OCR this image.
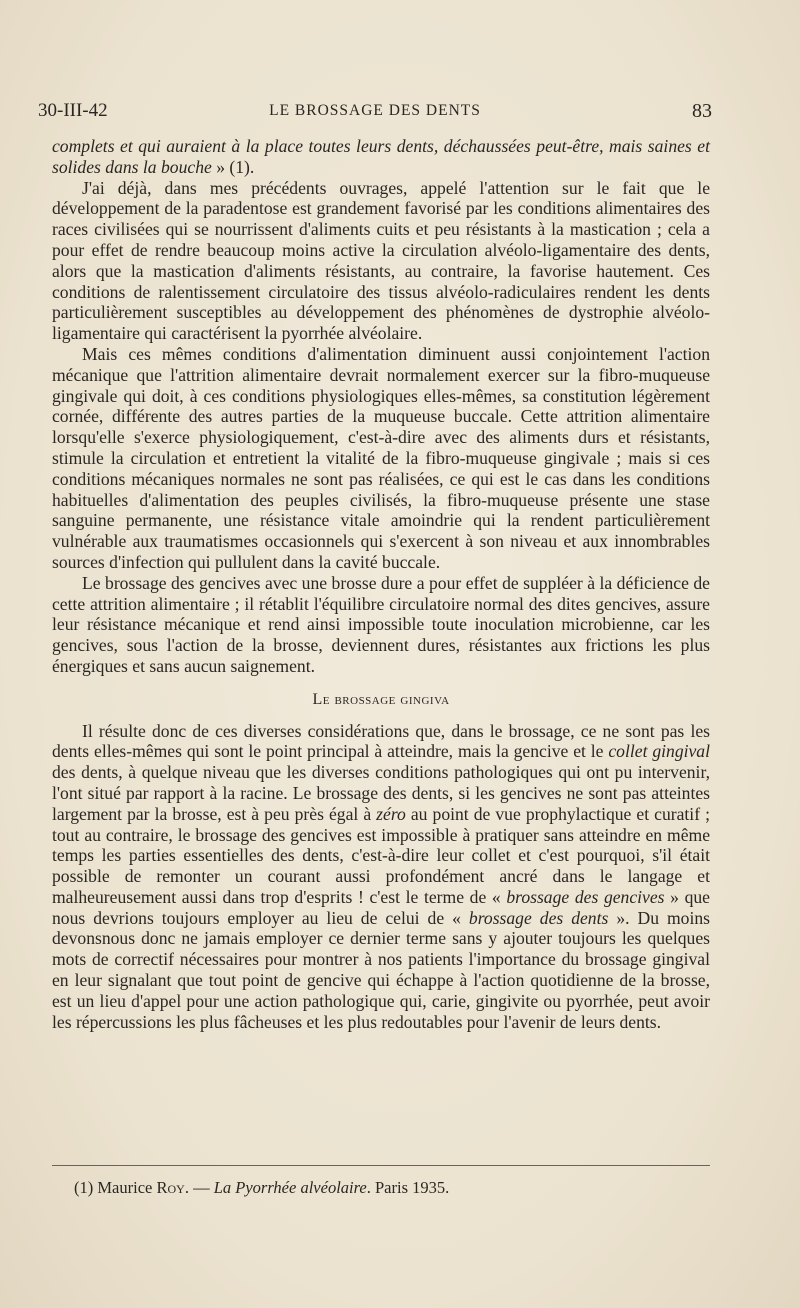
30-III-42	LE BROSSAGE DES DENTS	83

complets et qui auraient à la place toutes leurs dents, déchaussées peut-être, mais saines et solides dans la bouche » (1).

J'ai déjà, dans mes précédents ouvrages, appelé l'attention sur le fait que le développement de la paradentose est grandement favorisé par les conditions alimentaires des races civilisées qui se nourrissent d'aliments cuits et peu résistants à la mastication ; cela a pour effet de rendre beaucoup moins active la circulation alvéolo-ligamentaire des dents, alors que la mastication d'aliments résistants, au contraire, la favorise hautement. Ces conditions de ralentissement circulatoire des tissus alvéolo-radiculaires rendent les dents particulièrement susceptibles au développement des phénomènes de dystrophie alvéolo-ligamentaire qui caractérisent la pyorrhée alvéolaire.

Mais ces mêmes conditions d'alimentation diminuent aussi conjointement l'action mécanique que l'attrition alimentaire devrait normalement exercer sur la fibro-muqueuse gingivale qui doit, à ces conditions physiologiques elles-mêmes, sa constitution légèrement cornée, différente des autres parties de la muqueuse buccale. Cette attrition alimentaire lorsqu'elle s'exerce physiologiquement, c'est-à-dire avec des aliments durs et résistants, stimule la circulation et entretient la vitalité de la fibro-muqueuse gingivale ; mais si ces conditions mécaniques normales ne sont pas réalisées, ce qui est le cas dans les conditions habituelles d'alimentation des peuples civilisés, la fibro-muqueuse présente une stase sanguine permanente, une résistance vitale amoindrie qui la rendent particulièrement vulnérable aux traumatismes occasionnels qui s'exercent à son niveau et aux innombrables sources d'infection qui pullulent dans la cavité buccale.

Le brossage des gencives avec une brosse dure a pour effet de suppléer à la déficience de cette attrition alimentaire ; il rétablit l'équilibre circulatoire normal des dites gencives, assure leur résistance mécanique et rend ainsi impossible toute inoculation microbienne, car les gencives, sous l'action de la brosse, deviennent dures, résistantes aux frictions les plus énergiques et sans aucun saignement.

Le brossage gingiva

Il résulte donc de ces diverses considérations que, dans le brossage, ce ne sont pas les dents elles-mêmes qui sont le point principal à atteindre, mais la gencive et le collet gingival des dents, à quelque niveau que les diverses conditions pathologiques qui ont pu intervenir, l'ont situé par rapport à la racine. Le brossage des dents, si les gencives ne sont pas atteintes largement par la brosse, est à peu près égal à zéro au point de vue prophylactique et curatif ; tout au contraire, le brossage des gencives est impossible à pratiquer sans atteindre en même temps les parties essentielles des dents, c'est-à-dire leur collet et c'est pourquoi, s'il était possible de remonter un courant aussi profondément ancré dans le langage et malheureusement aussi dans trop d'esprits ! c'est le terme de « brossage des gencives » que nous devrions toujours employer au lieu de celui de « brossage des dents ». Du moins devonsnous donc ne jamais employer ce dernier terme sans y ajouter toujours les quelques mots de correctif nécessaires pour montrer à nos patients l'importance du brossage gingival en leur signalant que tout point de gencive qui échappe à l'action quotidienne de la brosse, est un lieu d'appel pour une action pathologique qui, carie, gingivite ou pyorrhée, peut avoir les répercussions les plus fâcheuses et les plus redoutables pour l'avenir de leurs dents.

(1) Maurice Roy. — La Pyorrhée alvéolaire. Paris 1935.
